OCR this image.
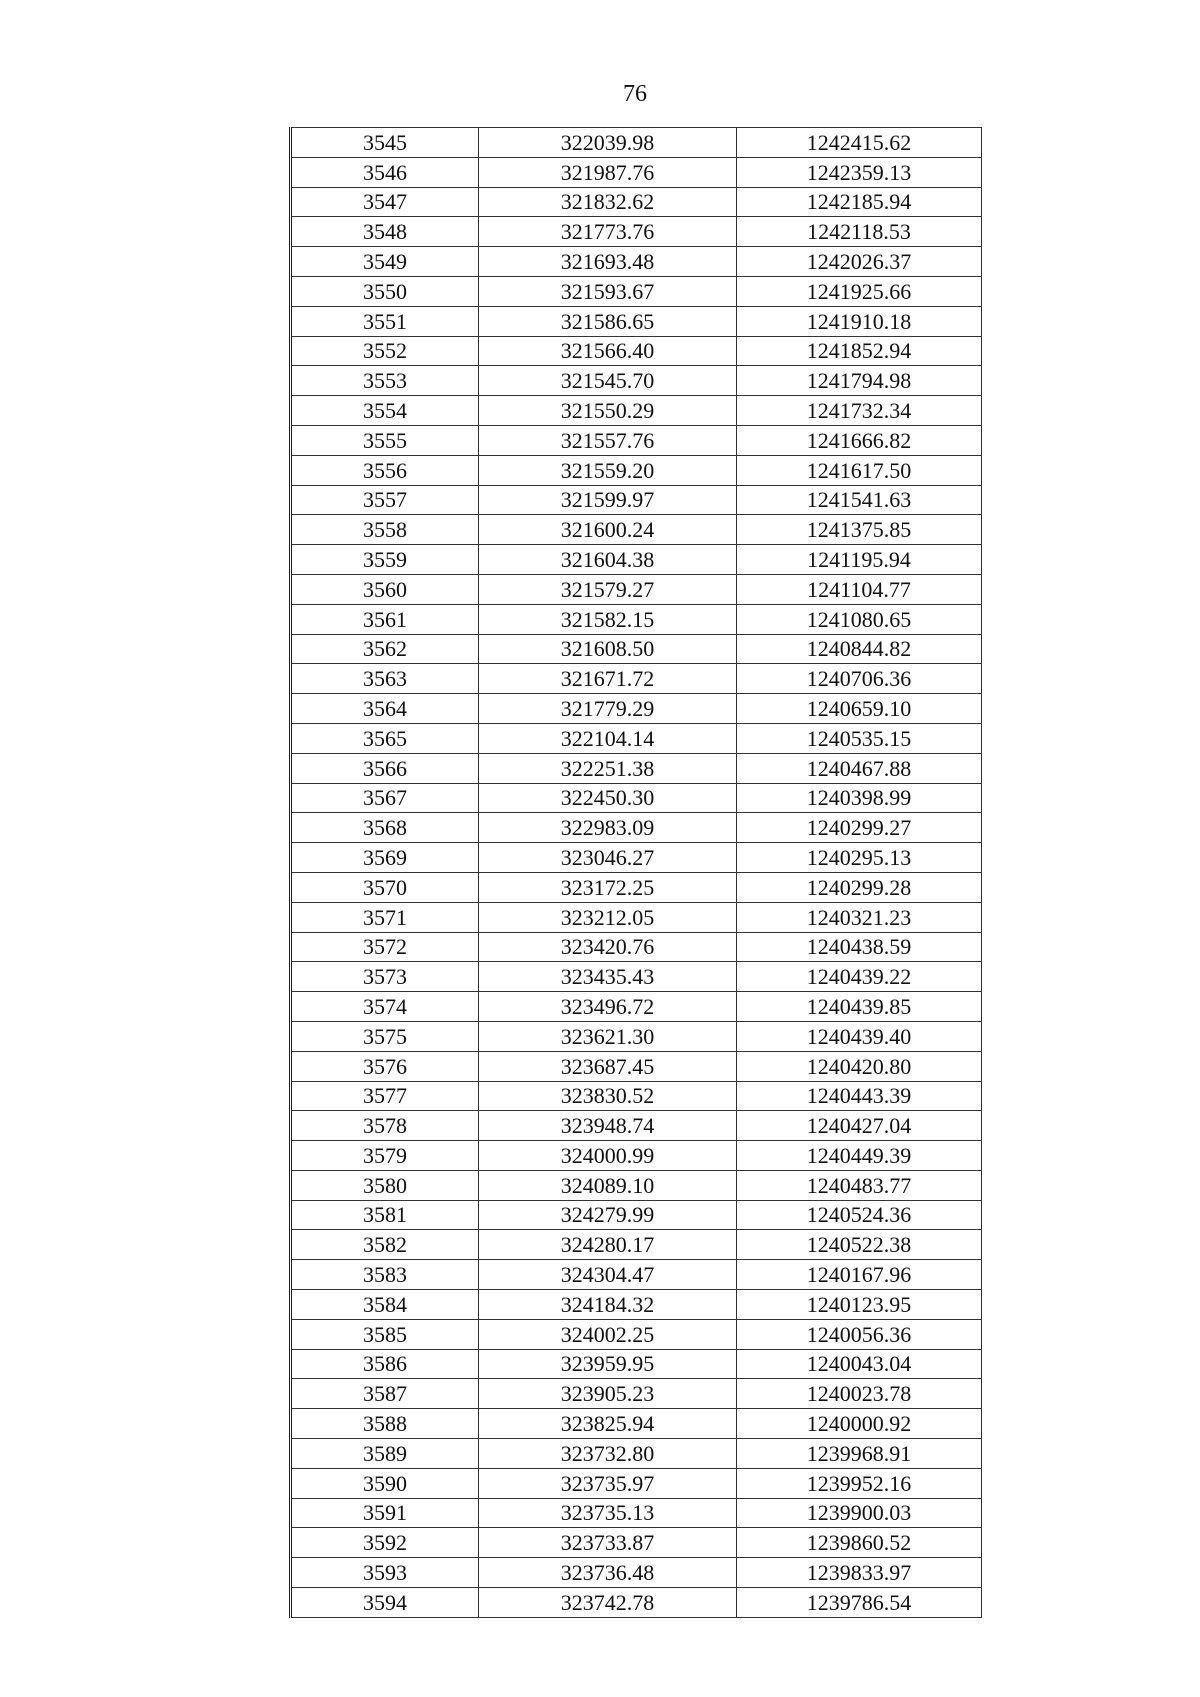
76
3545	322039.98	1242415.62
3546	321987.76	1242359.13
3547	321832.62	1242185.94
3548	321773.76	1242118.53
3549	321693.48	1242026.37
3550	321593.67	1241925.66
3551	321586.65	1241910.18
3552	321566.40	1241852.94
3553	321545.70	1241794.98
3554	321550.29	1241732.34
3555	321557.76	1241666.82
3556	321559.20	1241617.50
3557	321599.97	1241541.63
3558	321600.24	1241375.85
3559	321604.38	1241195.94
3560	321579.27	1241104.77
3561	321582.15	1241080.65
3562	321608.50	1240844.82
3563	321671.72	1240706.36
3564	321779.29	1240659.10
3565	322104.14	1240535.15
3566	322251.38	1240467.88
3567	322450.30	1240398.99
3568	322983.09	1240299.27
3569	323046.27	1240295.13
3570	323172.25	1240299.28
3571	323212.05	1240321.23
3572	323420.76	1240438.59
3573	323435.43	1240439.22
3574	323496.72	1240439.85
3575	323621.30	1240439.40
3576	323687.45	1240420.80
3577	323830.52	1240443.39
3578	323948.74	1240427.04
3579	324000.99	1240449.39
3580	324089.10	1240483.77
3581	324279.99	1240524.36
3582	324280.17	1240522.38
3583	324304.47	1240167.96
3584	324184.32	1240123.95
3585	324002.25	1240056.36
3586	323959.95	1240043.04
3587	323905.23	1240023.78
3588	323825.94	1240000.92
3589	323732.80	1239968.91
3590	323735.97	1239952.16
3591	323735.13	1239900.03
3592	323733.87	1239860.52
3593	323736.48	1239833.97
3594	323742.78	1239786.54
